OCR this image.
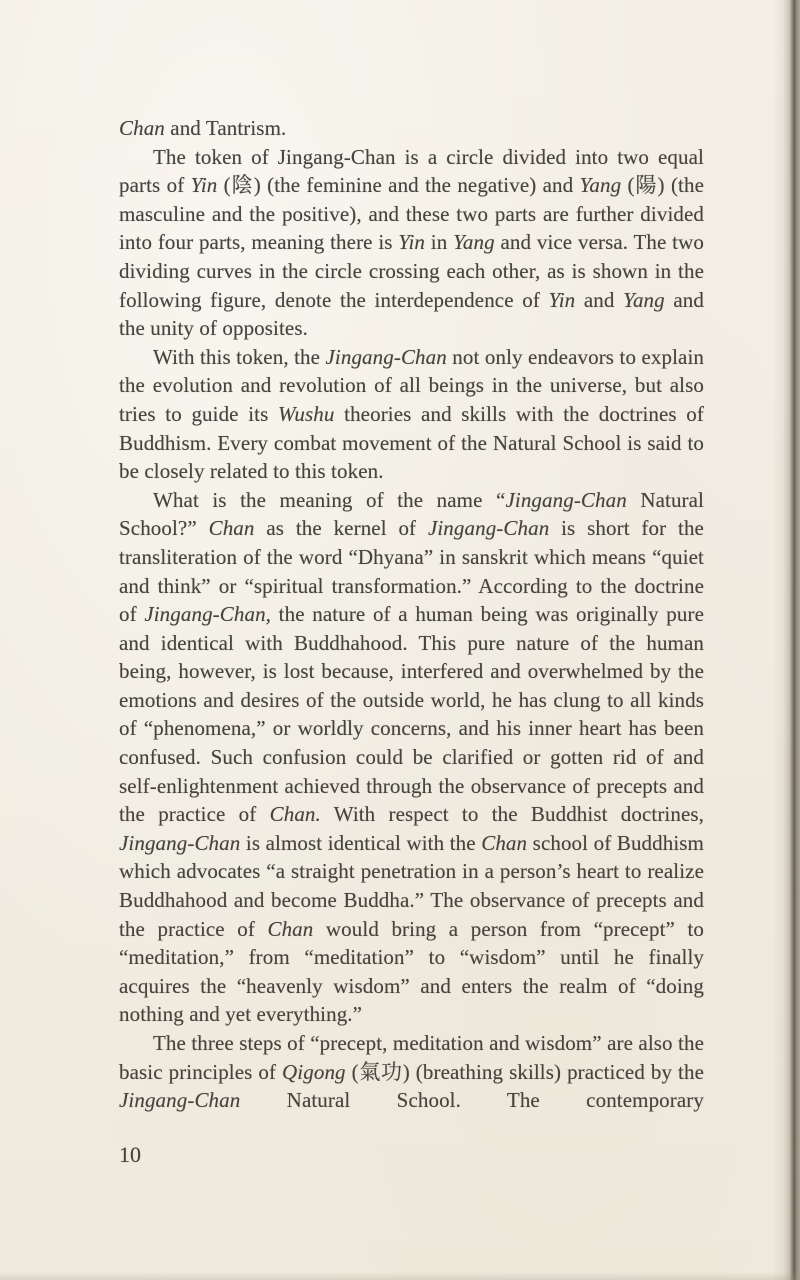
Chan and Tantrism.

The token of Jingang-Chan is a circle divided into two equal parts of Yin (陰) (the feminine and the negative) and Yang (陽) (the masculine and the positive), and these two parts are further divided into four parts, meaning there is Yin in Yang and vice versa. The two dividing curves in the circle crossing each other, as is shown in the following figure, denote the interdependence of Yin and Yang and the unity of opposites.

With this token, the Jingang-Chan not only endeavors to explain the evolution and revolution of all beings in the universe, but also tries to guide its Wushu theories and skills with the doctrines of Buddhism. Every combat movement of the Natural School is said to be closely related to this token.

What is the meaning of the name “Jingang-Chan Natural School?” Chan as the kernel of Jingang-Chan is short for the transliteration of the word “Dhyana” in sanskrit which means “quiet and think” or “spiritual transformation.” According to the doctrine of Jingang-Chan, the nature of a human being was originally pure and identical with Buddhahood. This pure nature of the human being, however, is lost because, interfered and overwhelmed by the emotions and desires of the outside world, he has clung to all kinds of “phenomena,” or worldly concerns, and his inner heart has been confused. Such confusion could be clarified or gotten rid of and self-enlightenment achieved through the observance of precepts and the practice of Chan. With respect to the Buddhist doctrines, Jingang-Chan is almost identical with the Chan school of Buddhism which advocates “a straight penetration in a person’s heart to realize Buddhahood and become Buddha.” The observance of precepts and the practice of Chan would bring a person from “precept” to “meditation,” from “meditation” to “wisdom” until he finally acquires the “heavenly wisdom” and enters the realm of “doing nothing and yet everything.”

The three steps of “precept, meditation and wisdom” are also the basic principles of Qigong (氣功) (breathing skills) practiced by the Jingang-Chan Natural School. The contemporary

10
